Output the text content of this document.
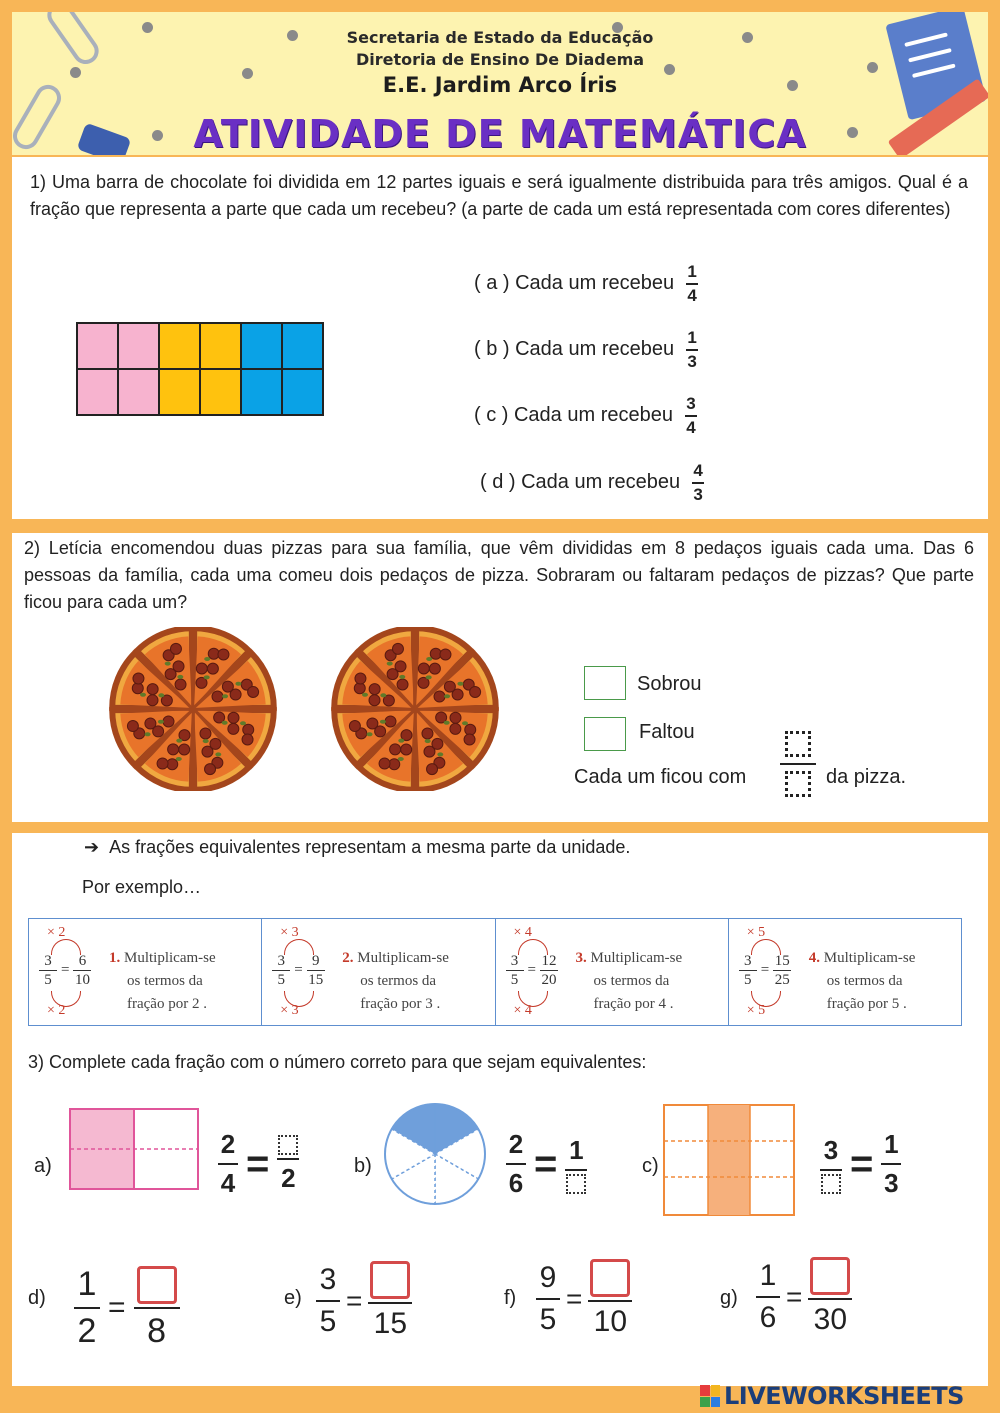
Secretaria de Estado da Educação
Diretoria de Ensino De Diadema
E.E. Jardim Arco Íris
ATIVIDADE DE MATEMÁTICA
1) Uma barra de chocolate foi dividida em 12 partes iguais e será igualmente distribuida para três amigos. Qual é a fração que representa a parte que cada um recebeu? (a parte de cada um está representada com cores diferentes)
( a ) Cada um recebeu $\frac{1}{4}$
( b ) Cada um recebeu $\frac{1}{3}$
( c ) Cada um recebeu $\frac{3}{4}$
( d ) Cada um recebeu $\frac{4}{3}$
2) Letícia encomendou duas pizzas para sua família, que vêm divididas em 8 pedaços iguais cada uma. Das 6 pessoas da família, cada uma comeu dois pedaços de pizza. Sobraram ou faltaram pedaços de pizzas? Que parte ficou para cada um?
Sobrou
Faltou
Cada um ficou com	da pizza.
➔ As frações equivalentes representam a mesma parte da unidade.
Por exemplo…
× 2
3
5
=
6
10
× 2
1. Multiplicam-se
os termos da
fração por 2 .
× 3
3
5
=
9
15
× 3
2. Multiplicam-se
os termos da
fração por 3 .
× 4
3
5
=
12
20
× 4
3. Multiplicam-se
os termos da
fração por 4 .
× 5
3
5
=
15
25
× 5
4. Multiplicam-se
os termos da
fração por 5 .
3) Complete cada fração com o número correto para que sejam equivalentes:
a)
2
4 = 2	b)
2
6 = 1
c)
3 = 1
3
d) 1
2
=
8
e)
3
5
=
15
f)
9
5
=
10
g)
1
6
=
30
LIVEWORKSHEETS
